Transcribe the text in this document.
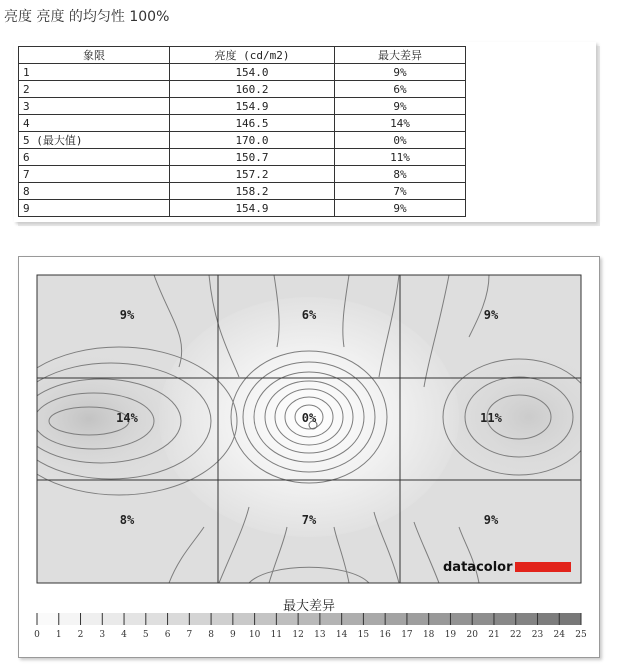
亮度 亮度 的均匀性 100%
象限	亮度 (cd/m2)	最大差异
1	154.0	9%
2	160.2	6%
3	154.9	9%
4	146.5	14%
5 (最大值)	170.0	0%
6	150.7	11%
7	157.2	8%
8	158.2	7%
9	154.9	9%
9%	6%	9%
14%	0%	11%
8%	7%	9%
datacolor
0 1 2 3 4 5 6 7 8 9 10 11 12 13 14 15 16 17 18 19 20 21 22 23 24 25
最大差异
